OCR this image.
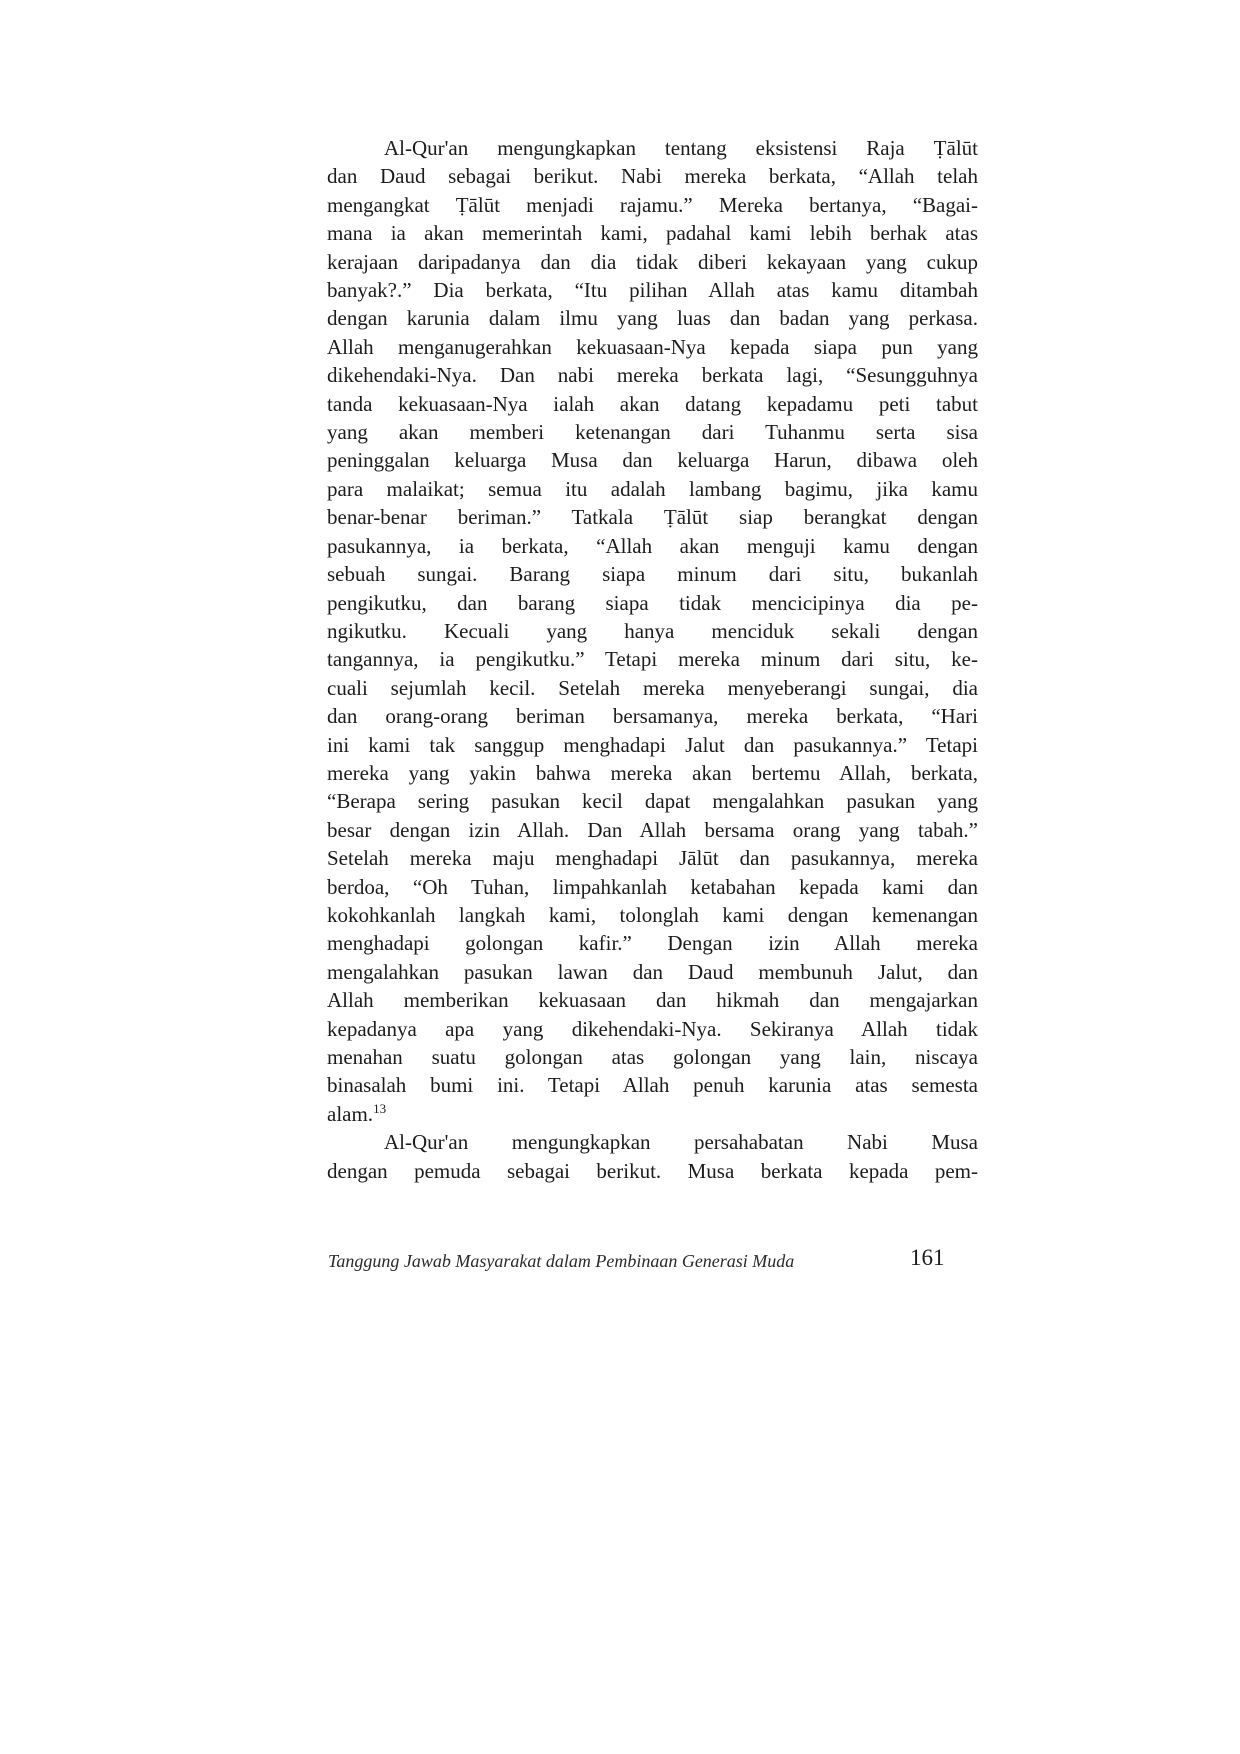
Al-Qur'an mengungkapkan tentang eksistensi Raja Ṭālūt
dan Daud sebagai berikut. Nabi mereka berkata, “Allah telah
mengangkat Ṭālūt menjadi rajamu.” Mereka bertanya, “Bagai-
mana ia akan memerintah kami, padahal kami lebih berhak atas
kerajaan daripadanya dan dia tidak diberi kekayaan yang cukup
banyak?.” Dia berkata, “Itu pilihan Allah atas kamu ditambah
dengan karunia dalam ilmu yang luas dan badan yang perkasa.
Allah menganugerahkan kekuasaan-Nya kepada siapa pun yang
dikehendaki-Nya. Dan nabi mereka berkata lagi, “Sesungguhnya
tanda kekuasaan-Nya ialah akan datang kepadamu peti tabut
yang akan memberi ketenangan dari Tuhanmu serta sisa
peninggalan keluarga Musa dan keluarga Harun, dibawa oleh
para malaikat; semua itu adalah lambang bagimu, jika kamu
benar-benar beriman.” Tatkala Ṭālūt siap berangkat dengan
pasukannya, ia berkata, “Allah akan menguji kamu dengan
sebuah sungai. Barang siapa minum dari situ, bukanlah
pengikutku, dan barang siapa tidak mencicipinya dia pe-
ngikutku. Kecuali yang hanya menciduk sekali dengan
tangannya, ia pengikutku.” Tetapi mereka minum dari situ, ke-
cuali sejumlah kecil. Setelah mereka menyeberangi sungai, dia
dan orang-orang beriman bersamanya, mereka berkata, “Hari
ini kami tak sanggup menghadapi Jalut dan pasukannya.” Tetapi
mereka yang yakin bahwa mereka akan bertemu Allah, berkata,
“Berapa sering pasukan kecil dapat mengalahkan pasukan yang
besar dengan izin Allah. Dan Allah bersama orang yang tabah.”
Setelah mereka maju menghadapi Jālūt dan pasukannya, mereka
berdoa, “Oh Tuhan, limpahkanlah ketabahan kepada kami dan
kokohkanlah langkah kami, tolonglah kami dengan kemenangan
menghadapi golongan kafir.” Dengan izin Allah mereka
mengalahkan pasukan lawan dan Daud membunuh Jalut, dan
Allah memberikan kekuasaan dan hikmah dan mengajarkan
kepadanya apa yang dikehendaki-Nya. Sekiranya Allah tidak
menahan suatu golongan atas golongan yang lain, niscaya
binasalah bumi ini. Tetapi Allah penuh karunia atas semesta
alam.$^{13}$
Al-Qur'an mengungkapkan persahabatan Nabi Musa
dengan pemuda sebagai berikut. Musa berkata kepada pem-
Tanggung Jawab Masyarakat dalam Pembinaan Generasi Muda	161
